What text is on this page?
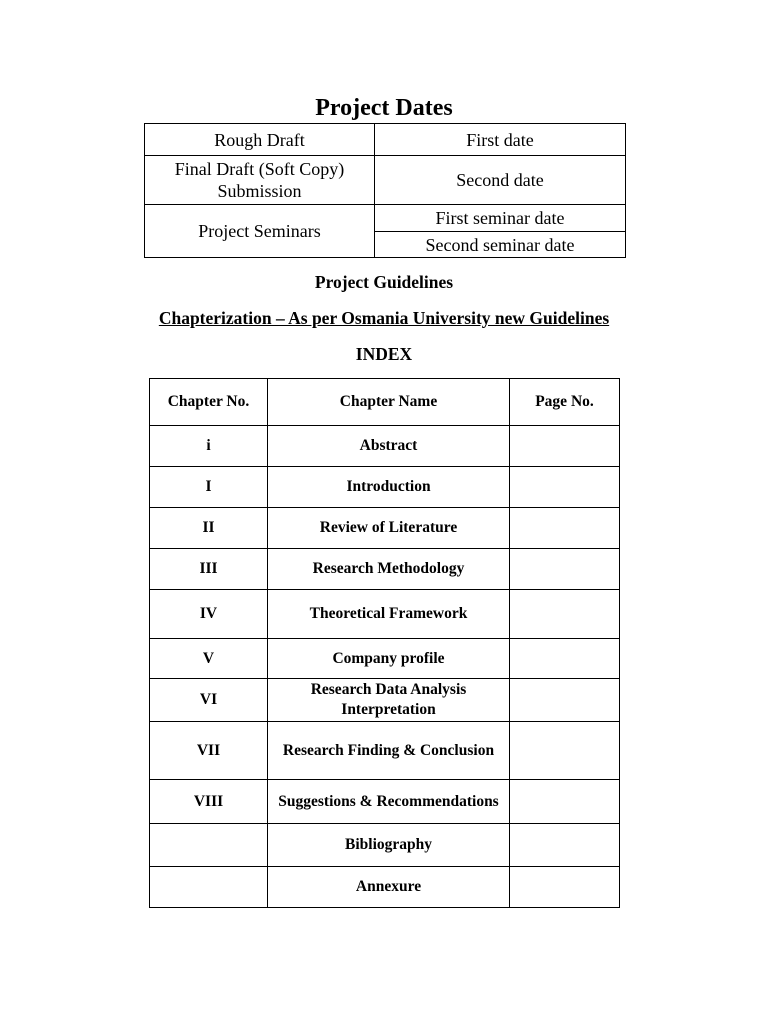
Project Dates
Rough Draft	First date
Final Draft (Soft Copy) Submission	Second date
Project Seminars	First seminar date
	Second seminar date
Project Guidelines
Chapterization – As per Osmania University new Guidelines
INDEX
Chapter No.	Chapter Name	Page No.
i	Abstract	
I	Introduction	
II	Review of Literature	
III	Research Methodology	
IV	Theoretical Framework	
V	Company profile	
VI	Research Data Analysis Interpretation	
VII	Research Finding & Conclusion	
VIII	Suggestions & Recommendations	
	Bibliography	
	Annexure	
